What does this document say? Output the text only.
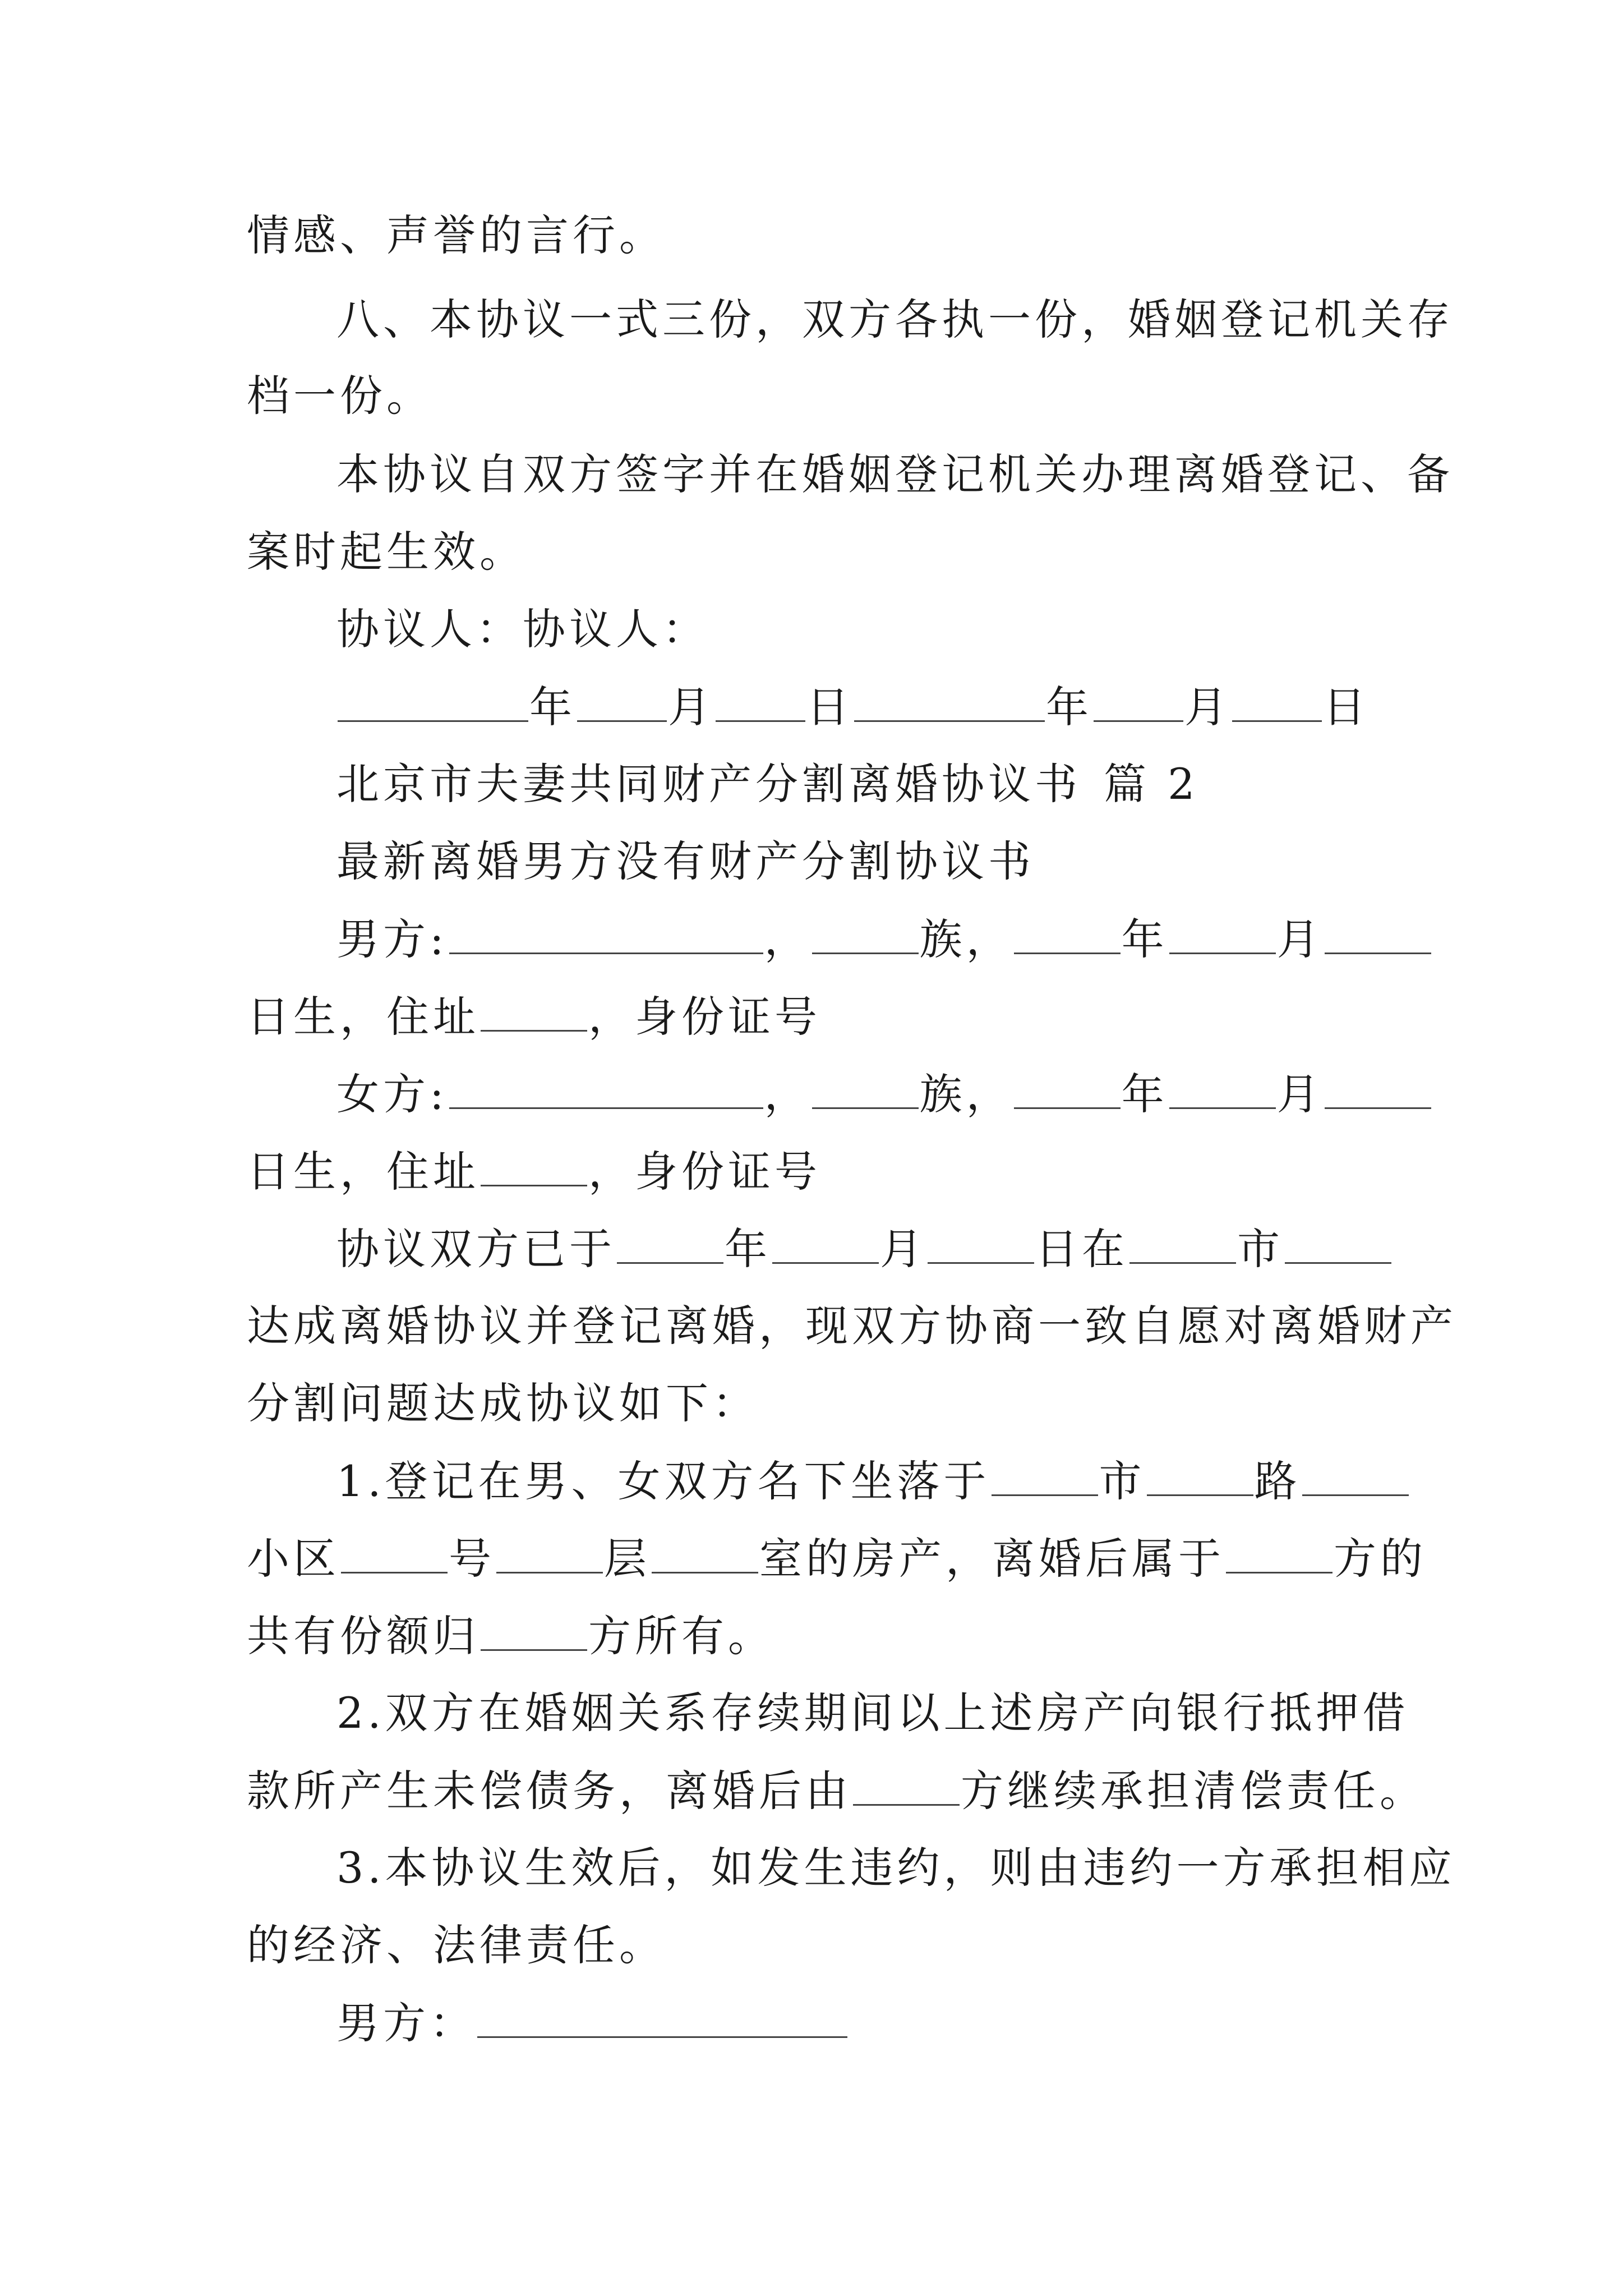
情感、声誉的言行。
八、本协议一式三份，双方各执一份，婚姻登记机关存
档一份。
本协议自双方签字并在婚姻登记机关办理离婚登记、备
案时起生效。
协议人：协议人：
年 月 日	年 月 日
北京市夫妻共同财产分割离婚协议书 篇 2
最新离婚男方没有财产分割协议书
男方:	，	族，	年	月
日生，住址	，身份证号
女方:	，	族，	年	月
日生，住址	，身份证号
协议双方已于	年	月	日在	市
达成离婚协议并登记离婚，现双方协商一致自愿对离婚财产
分割问题达成协议如下：
1.登记在男、女双方名下坐落于	市	路
小区	号	层	室的房产，离婚后属于	方的
共有份额归	方所有。
2.双方在婚姻关系存续期间以上述房产向银行抵押借
款所产生未偿债务，离婚后由	方继续承担清偿责任。
3.本协议生效后，如发生违约，则由违约一方承担相应
的经济、法律责任。
男方：
